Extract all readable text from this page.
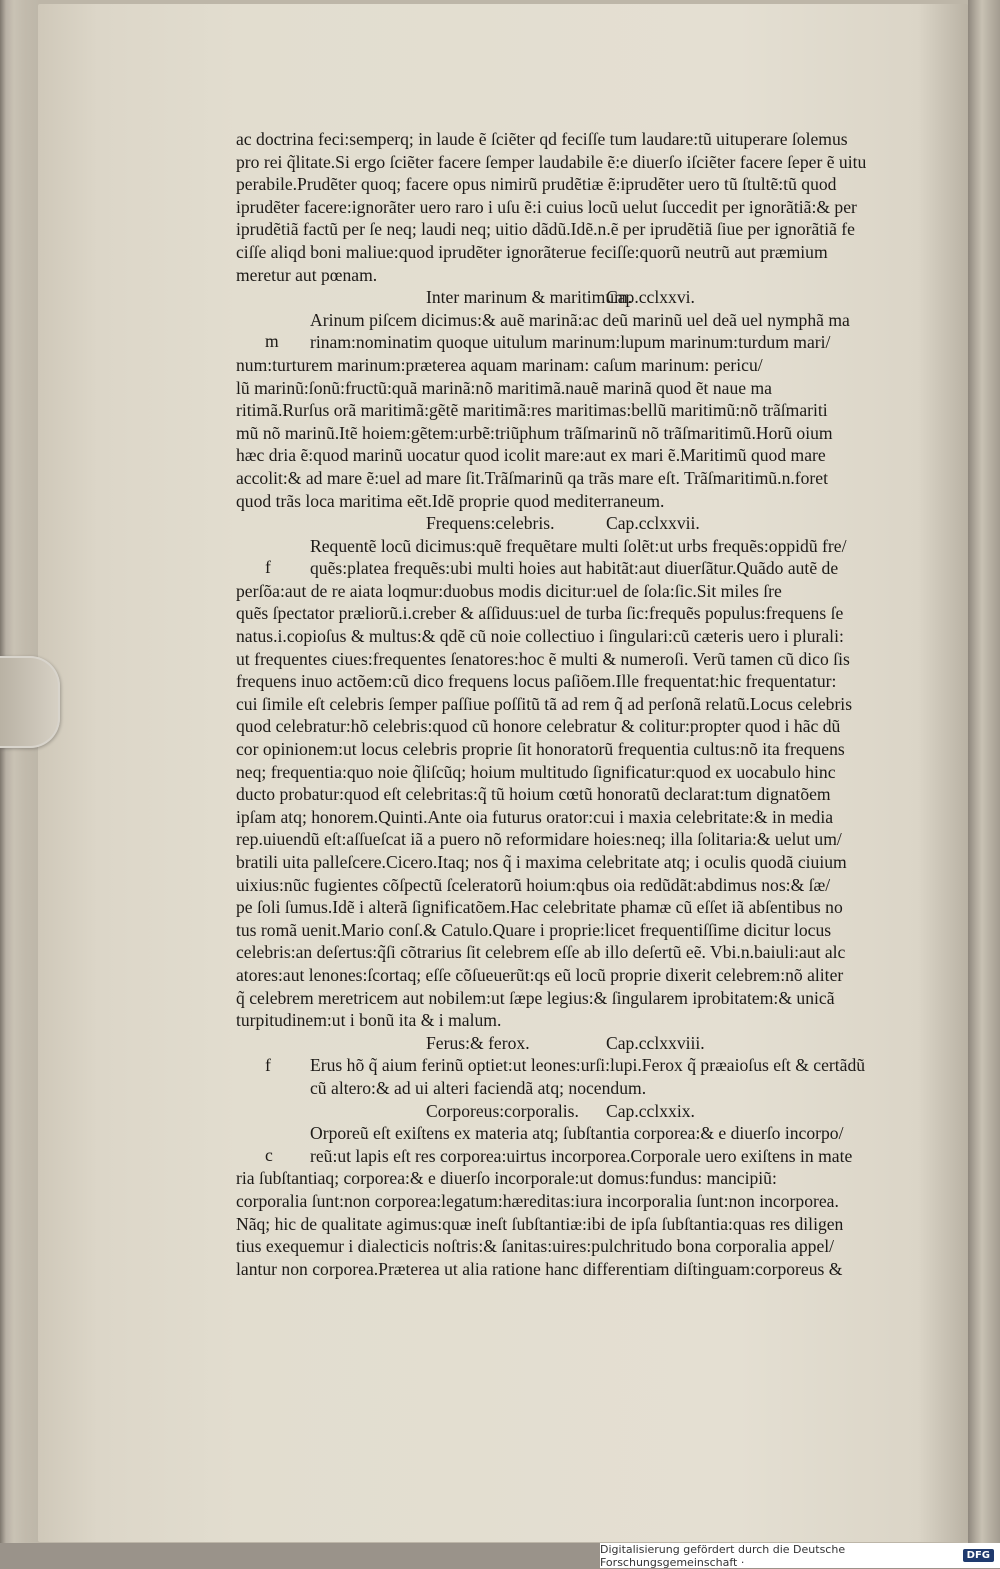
ac doctrina feci:semperq; in laude ẽ ſciẽter qd feciſſe tum laudare:tũ uituperare ſolemus
pro rei q̃litate.Si ergo ſciẽter facere ſemper laudabile ẽ:e diuerſo iſciẽter facere ſeper ẽ uitu
perabile.Prudẽter quoq; facere opus nimirũ prudẽtiæ ẽ:iprudẽter uero tũ ſtultẽ:tũ quod
iprudẽter facere:ignorãter uero raro i uſu ẽ:i cuius locũ uelut ſuccedit per ignorãtiã:& per
iprudẽtiã factũ per ſe neq; laudi neq; uitio dãdũ.Idẽ.n.ẽ per iprudẽtiã ſiue per ignorãtiã fe
ciſſe aliqd boni maliue:quod iprudẽter ignorãterue feciſſe:quorũ neutrũ aut præmium
meretur aut pœnam.
Inter marinum & maritimum.
Cap.cclxxvi.
Arinum piſcem dicimus:& auẽ marinã:ac deũ marinũ uel deã uel nymphã ma
rinam:nominatim quoque uitulum marinum:lupum marinum:turdum mari/
num:turturem marinum:præterea aquam marinam: caſum marinum: pericu/
lũ marinũ:ſonũ:fructũ:quã marinã:nõ maritimã.nauẽ marinã quod ẽt naue ma
ritimã.Rurſus orã maritimã:gẽtẽ maritimã:res maritimas:bellũ maritimũ:nõ trãſmariti
mũ nõ marinũ.Itẽ hoiem:gẽtem:urbẽ:triũphum trãſmarinũ nõ trãſmaritimũ.Horũ oium
hæc dria ẽ:quod marinũ uocatur quod icolit mare:aut ex mari ẽ.Maritimũ quod mare
accolit:& ad mare ẽ:uel ad mare ſit.Trãſmarinũ qa trãs mare eſt. Trãſmaritimũ.n.foret
quod trãs loca maritima eẽt.Idẽ proprie quod mediterraneum.
Frequens:celebris.	Cap.cclxxvii.
Requentẽ locũ dicimus:quẽ frequẽtare multi ſolẽt:ut urbs frequẽs:oppidũ fre/
quẽs:platea frequẽs:ubi multi hoies aut habitãt:aut diuerſãtur.Quãdo autẽ de
perſõa:aut de re aiata loqmur:duobus modis dicitur:uel de ſola:ſic.Sit miles ſre
quẽs ſpectator præliorũ.i.creber & aſſiduus:uel de turba ſic:frequẽs populus:frequens ſe
natus.i.copioſus & multus:& qdẽ cũ noie collectiuo i ſingulari:cũ cæteris uero i plurali:
ut frequentes ciues:frequentes ſenatores:hoc ẽ multi & numeroſi. Verũ tamen cũ dico ſis
frequens inuo actõem:cũ dico frequens locus paſiõem.Ille frequentat:hic frequentatur:
cui ſimile eſt celebris ſemper paſſiue poſſitũ tã ad rem q̃ ad perſonã relatũ.Locus celebris
quod celebratur:hõ celebris:quod cũ honore celebratur & colitur:propter quod i hãc dũ
cor opinionem:ut locus celebris proprie ſit honoratorũ frequentia cultus:nõ ita frequens
neq; frequentia:quo noie q̃liſcũq; hoium multitudo ſignificatur:quod ex uocabulo hinc
ducto probatur:quod eſt celebritas:q̃ tũ hoium cœtũ honoratũ declarat:tum dignatõem
ipſam atq; honorem.Quinti.Ante oia futurus orator:cui i maxia celebritate:& in media
rep.uiuendũ eſt:aſſueſcat iã a puero nõ reformidare hoies:neq; illa ſolitaria:& uelut um/
bratili uita palleſcere.Cicero.Itaq; nos q̃ i maxima celebritate atq; i oculis quodã ciuium
uixius:nũc fugientes cõſpectũ ſceleratorũ hoium:qbus oia redũdãt:abdimus nos:& ſæ/
pe ſoli ſumus.Idẽ i alterã ſignificatõem.Hac celebritate phamæ cũ eſſet iã abſentibus no
tus romã uenit.Mario conſ.& Catulo.Quare i proprie:licet frequentiſſime dicitur locus
celebris:an deſertus:q̃ſi cõtrarius ſit celebrem eſſe ab illo deſertũ eẽ. Vbi.n.baiuli:aut alc
atores:aut lenones:ſcortaq; eſſe cõſueuerũt:qs eũ locũ proprie dixerit celebrem:nõ aliter
q̃ celebrem meretricem aut nobilem:ut ſæpe legius:& ſingularem iprobitatem:& unicã
turpitudinem:ut i bonũ ita & i malum.
Ferus:& ferox.	Cap.cclxxviii.
Erus hõ q̃ aium ferinũ optiet:ut leones:urſi:lupi.Ferox q̃ præaioſus eſt & certãdũ
cũ altero:& ad ui alteri faciendã atq; nocendum.
Corporeus:corporalis. Cap.cclxxix.
Orporeũ eſt exiſtens ex materia atq; ſubſtantia corporea:& e diuerſo incorpo/
reũ:ut lapis eſt res corporea:uirtus incorporea.Corporale uero exiſtens in mate
ria ſubſtantiaq; corporea:& e diuerſo incorporale:ut domus:fundus: mancipiũ:
corporalia ſunt:non corporea:legatum:hæreditas:iura incorporalia ſunt:non incorporea.
Nãq; hic de qualitate agimus:quæ ineſt ſubſtantiæ:ibi de ipſa ſubſtantia:quas res diligen
tius exequemur i dialecticis noſtris:& ſanitas:uires:pulchritudo bona corporalia appel/
lantur non corporea.Præterea ut alia ratione hanc differentiam diſtinguam:corporeus &
Digitalisierung gefördert durch die Deutsche Forschungsgemeinschaft ·	DFG
m
f
f
c
